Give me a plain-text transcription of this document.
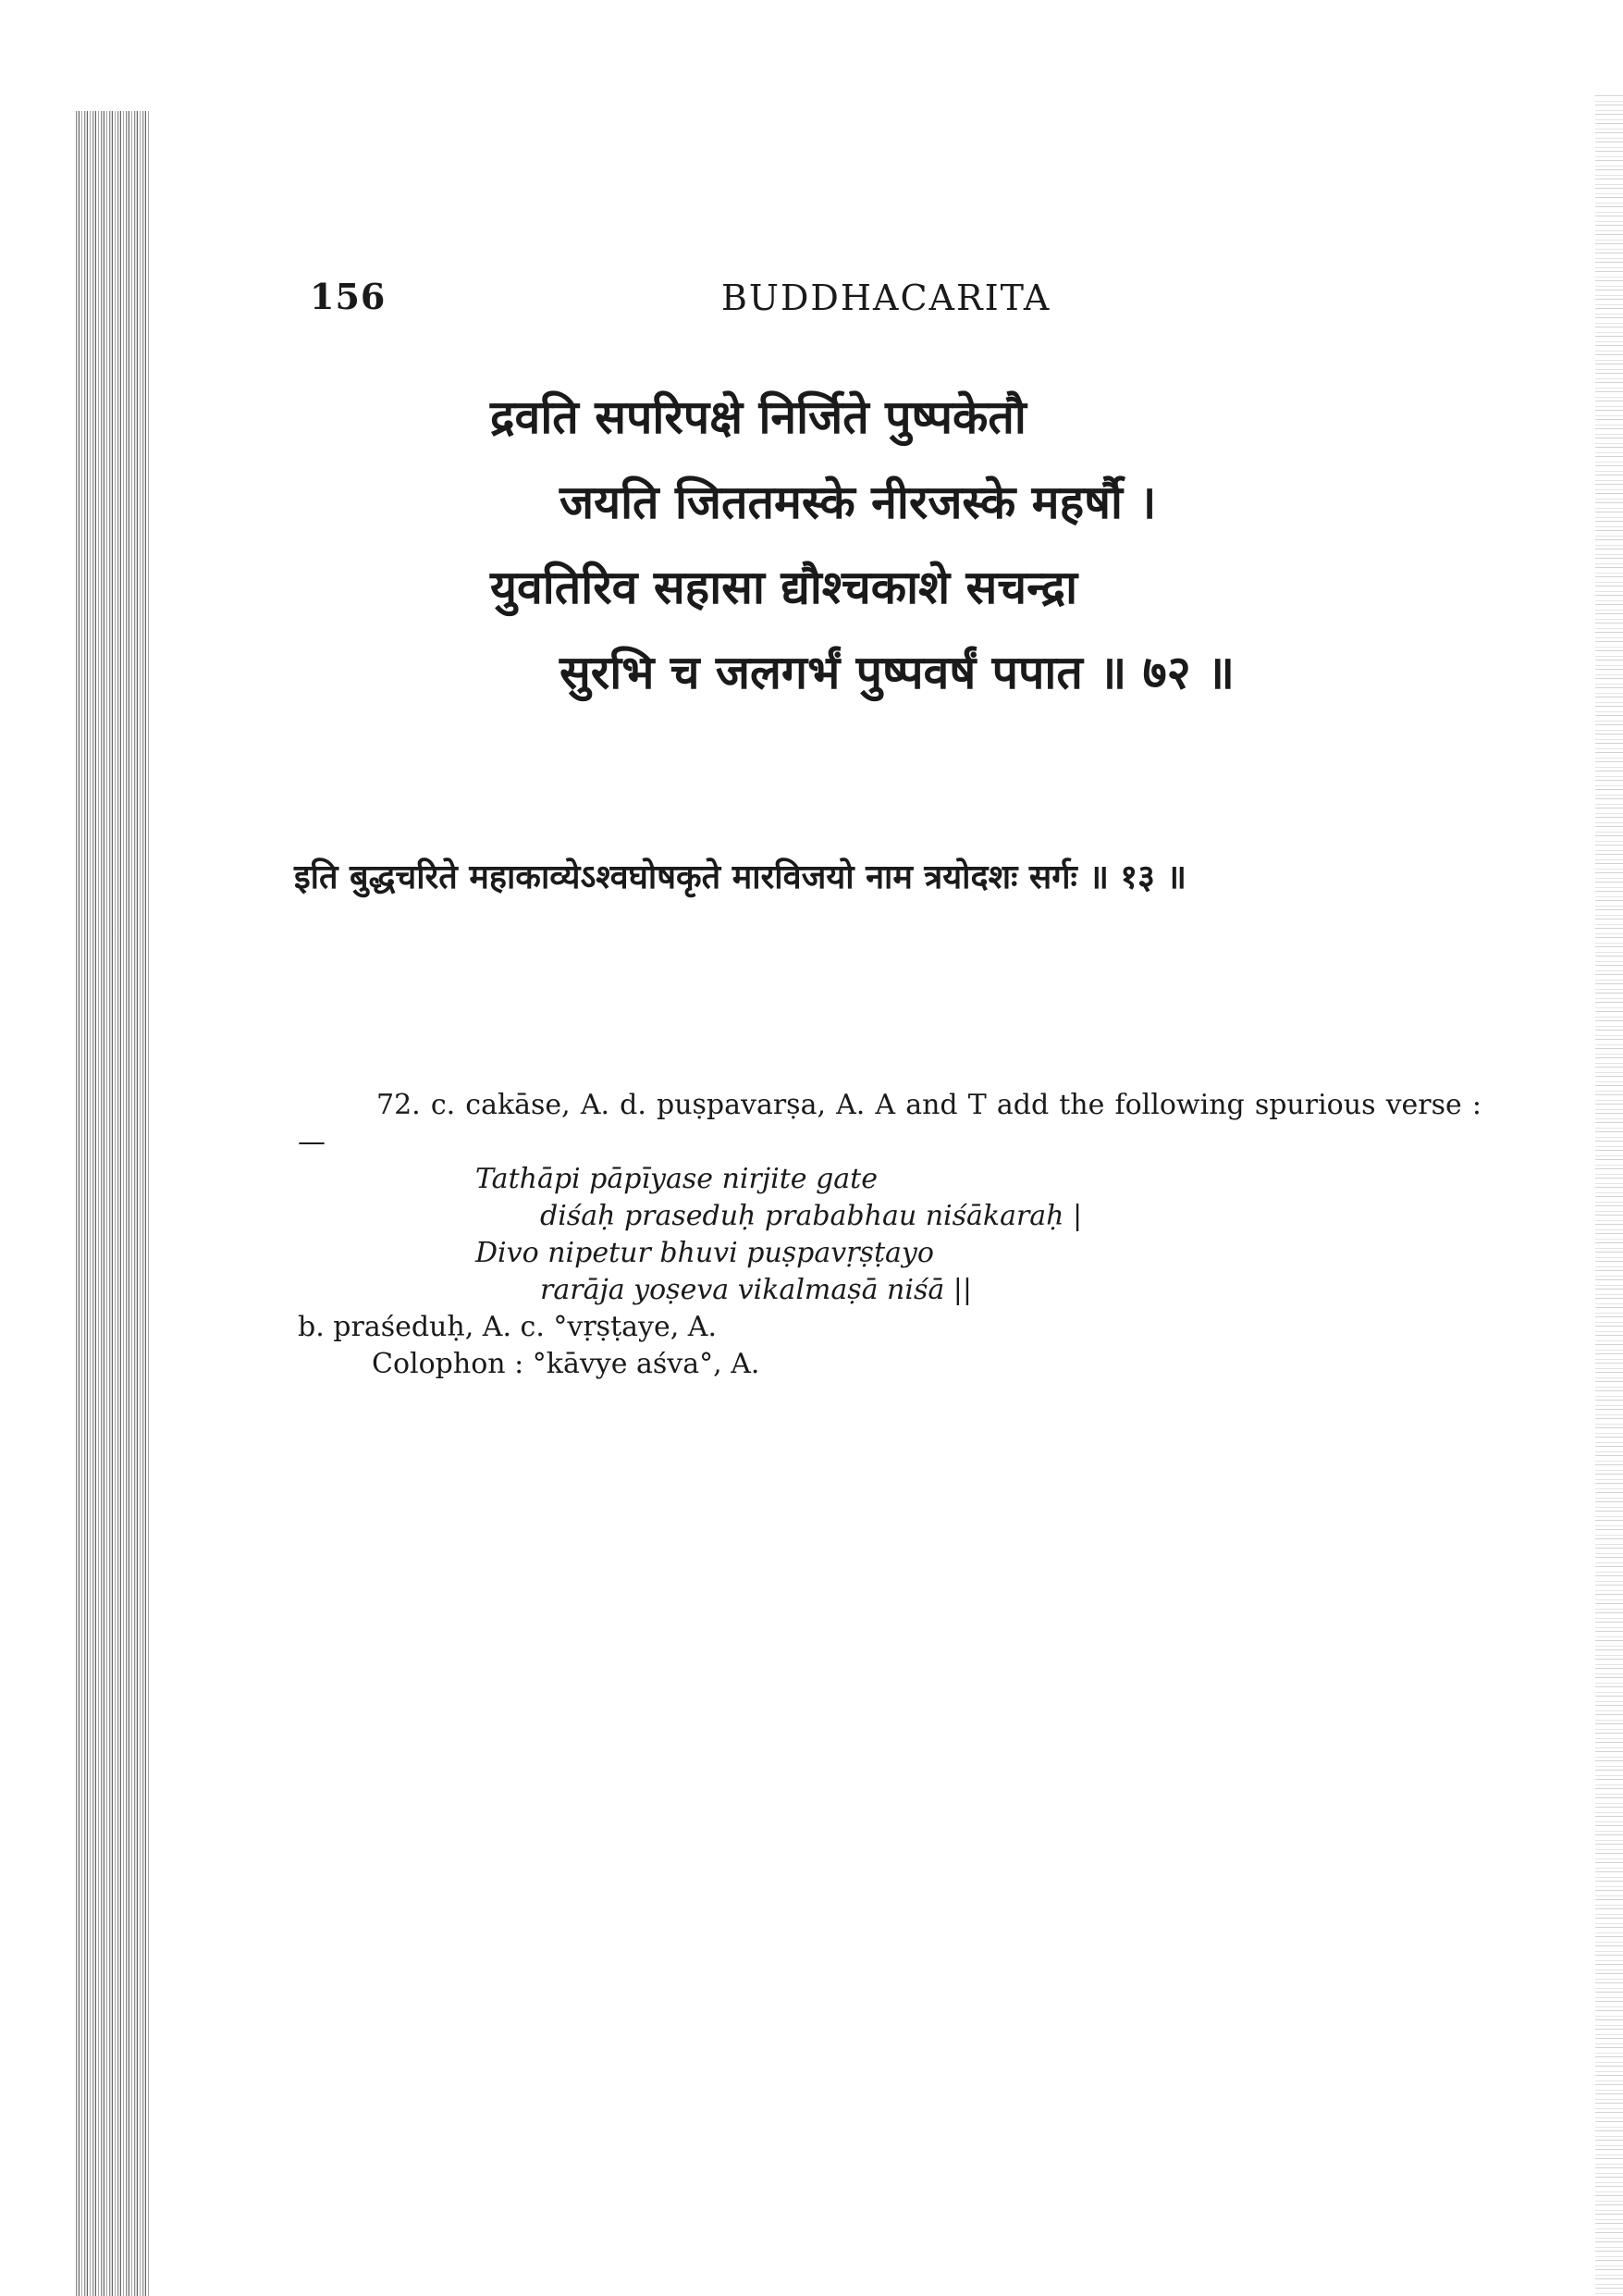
156	BUDDHACARITA
द्रवति सपरिपक्षे निर्जिते पुष्पकेतौ
जयति जिततमस्के नीरजस्के महर्षौ ।
युवतिरिव सहासा द्यौश्चकाशे सचन्द्रा
सुरभि च जलगर्भं पुष्पवर्षं पपात ॥ ७२ ॥
इति बुद्धचरिते महाकाव्येऽश्वघोषकृते मारविजयो नाम त्रयोदशः सर्गः ॥ १३ ॥

72. c. cakāse, A. d. puṣpavarṣa, A. A and T add the following spurious verse :—

Tathāpi pāpīyase nirjite gate

diśaḥ praseduḥ prababhau niśākaraḥ |

Divo nipetur bhuvi puṣpavṛṣṭayo

rarāja yoṣeva vikalmaṣā niśā ||

b. praśeduḥ, A. c. °vṛṣṭaye, A.

Colophon : °kāvye aśva°, A.
